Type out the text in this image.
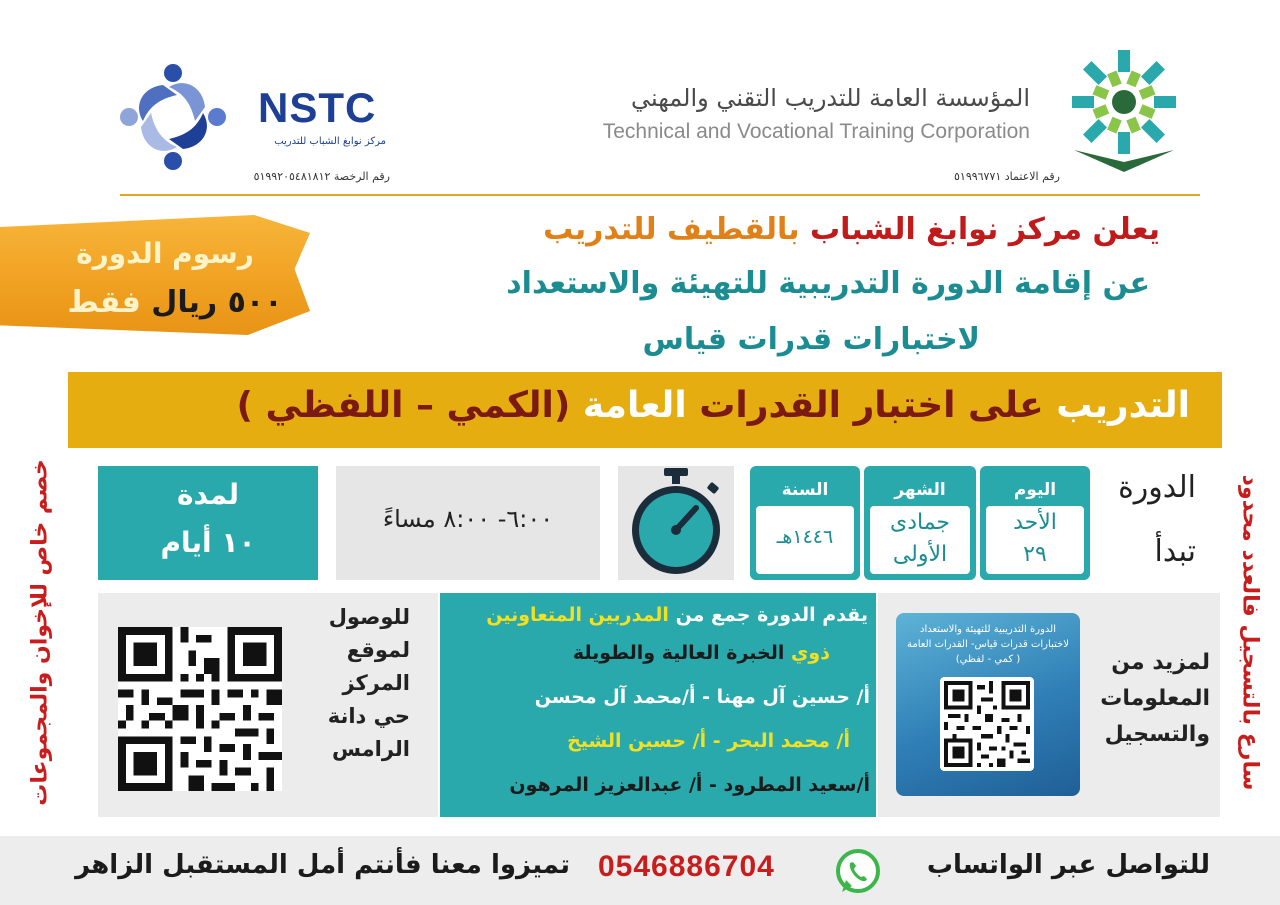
المؤسسة العامة للتدريب التقني والمهني
Technical and Vocational Training Corporation
رقم الاعتماد ٥١٩٩٦٧٧١
NSTC
مركز نوابغ الشباب للتدريب
رقم الرخصة ٥١٩٩٢٠٥٤٨١٨١٢
رسوم الدورة
٥٠٠ ريال فقط
يعلن مركز نوابغ الشباب بالقطيف للتدريب
عن إقامة الدورة التدريبية للتهيئة والاستعداد
لاختبارات قدرات قياس
التدريب على اختبار القدرات العامة (الكمي – اللفظي )
خصم خاص للإخوان والمجموعات	سارع بالتسجيل فالعدد محدود
لمدة
١٠ أيام
٦:٠٠- ٨:٠٠ مساءً
السنة
١٤٤٦هـ
الشهر
جمادى
الأولى
اليوم
الأحد
٢٩
الدورة
تبدأ
للوصول
لموقع
المركز
حي دانة
الرامس
يقدم الدورة جمع من المدربين المتعاونين
ذوي الخبرة العالية والطويلة
أ/ حسين آل مهنا - أ/محمد آل محسن
أ/ محمد البحر - أ/ حسين الشيخ
أ/سعيد المطرود - أ/ عبدالعزيز المرهون
الدورة التدريبية للتهيئة والاستعداد
لاختبارات قدرات قياس- القدرات العامة
( كمي - لفظي)	لمزيد من
المعلومات
والتسجيل
للتواصل عبر الواتساب
0546886704
تميزوا معنا فأنتم أمل المستقبل الزاهر
